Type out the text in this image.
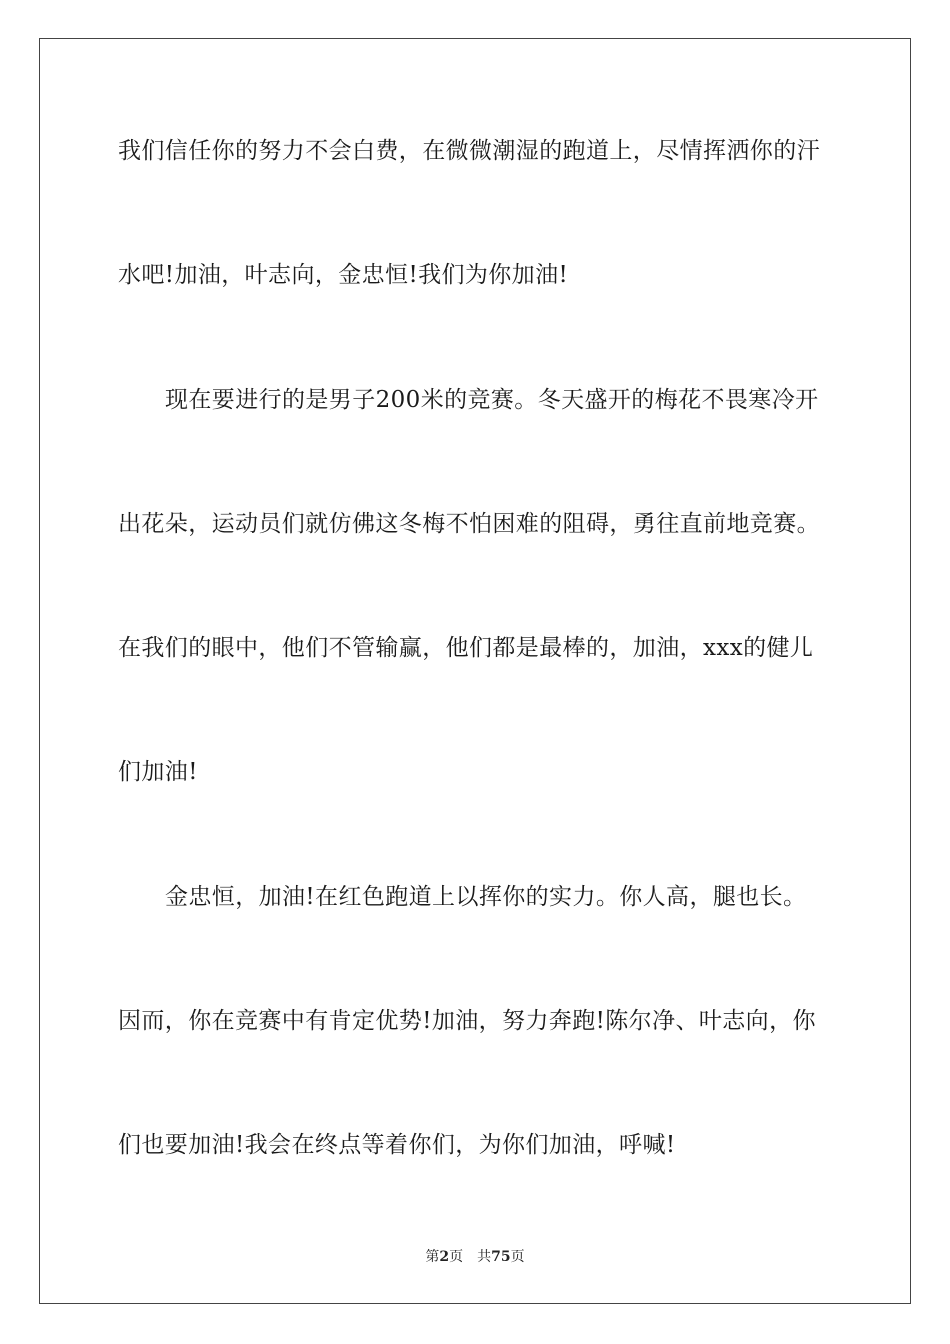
我们信任你的努力不会白费，在微微潮湿的跑道上，尽情挥洒你的汗
水吧!加油，叶志向，金忠恒!我们为你加油!
现在要进行的是男子200米的竞赛。冬天盛开的梅花不畏寒冷开
出花朵，运动员们就仿佛这冬梅不怕困难的阻碍，勇往直前地竞赛。
在我们的眼中，他们不管输赢，他们都是最棒的，加油，xxx的健儿
们加油!
金忠恒，加油!在红色跑道上以挥你的实力。你人高，腿也长。
因而，你在竞赛中有肯定优势!加油，努力奔跑!陈尔净、叶志向，你
们也要加油!我会在终点等着你们，为你们加油，呼喊!
第2页 共75页
